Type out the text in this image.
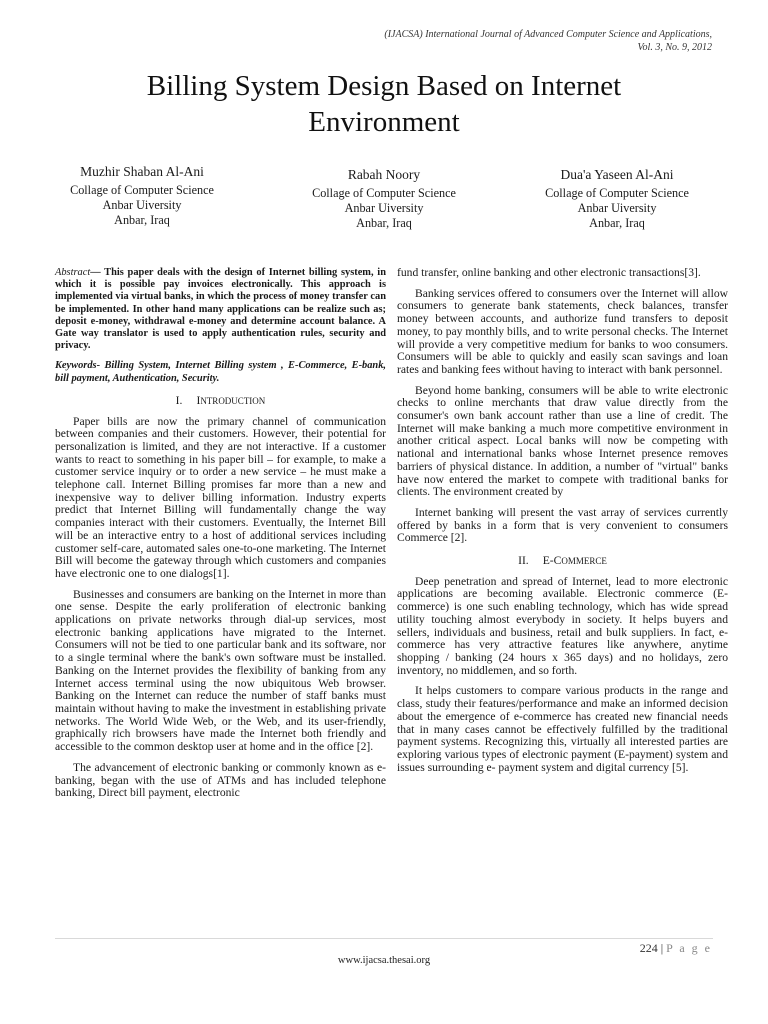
(IJACSA) International Journal of Advanced Computer Science and Applications,
Vol. 3, No. 9, 2012
Billing System Design Based on Internet
Environment
Muzhir Shaban Al-Ani
Collage of Computer Science
Anbar Uiversity
Anbar, Iraq
Rabah Noory
Collage of Computer Science
Anbar Uiversity
Anbar, Iraq
Dua'a Yaseen Al-Ani
Collage of Computer Science
Anbar Uiversity
Anbar, Iraq

Abstract— This paper deals with the design of Internet billing system, in which it is possible pay invoices electronically. This approach is implemented via virtual banks, in which the process of money transfer can be implemented. In other hand many applications can be realize such as; deposit e-money, withdrawal e-money and determine account balance. A Gate way translator is used to apply authentication rules, security and privacy.

Keywords- Billing System, Internet Billing system , E-Commerce, E-bank, bill payment, Authentication, Security.

I. INTRODUCTION

Paper bills are now the primary channel of communication between companies and their customers. However, their potential for personalization is limited, and they are not interactive. If a customer wants to react to something in his paper bill – for example, to make a customer service inquiry or to order a new service – he must make a telephone call. Internet Billing promises far more than a new and inexpensive way to deliver billing information. Industry experts predict that Internet Billing will fundamentally change the way companies interact with their customers. Eventually, the Internet Bill will be an interactive entry to a host of additional services including customer self-care, automated sales one-to-one marketing. The Internet Bill will become the gateway through which customers and companies have electronic one to one dialogs[1].

Businesses and consumers are banking on the Internet in more than one sense. Despite the early proliferation of electronic banking applications on private networks through dial-up services, most electronic banking applications have migrated to the Internet. Consumers will not be tied to one particular bank and its software, nor to a single terminal where the bank's own software must be installed. Banking on the Internet provides the flexibility of banking from any Internet access terminal using the now ubiquitous Web browser. Banking on the Internet can reduce the number of staff banks must maintain without having to make the investment in establishing private networks. The World Wide Web, or the Web, and its user-friendly, graphically rich browsers have made the Internet both friendly and accessible to the common desktop user at home and in the office [2].

The advancement of electronic banking or commonly known as e-banking, began with the use of ATMs and has included telephone banking, Direct bill payment, electronic

fund transfer, online banking and other electronic transactions[3].

Banking services offered to consumers over the Internet will allow consumers to generate bank statements, check balances, transfer money between accounts, and authorize fund transfers to deposit money, to pay monthly bills, and to write personal checks. The Internet will provide a very competitive medium for banks to woo consumers. Consumers will be able to quickly and easily scan savings and loan rates and banking fees without having to interact with bank personnel.

Beyond home banking, consumers will be able to write electronic checks to online merchants that draw value directly from the consumer's own bank account rather than use a line of credit. The Internet will make banking a much more competitive environment in another critical aspect. Local banks will now be competing with national and international banks whose Internet presence removes barriers of physical distance. In addition, a number of "virtual" banks have now entered the market to compete with traditional banks for clients. The environment created by

Internet banking will present the vast array of services currently offered by banks in a form that is very convenient to consumers Commerce [2].

II. E-COMMERCE

Deep penetration and spread of Internet, lead to more electronic applications are becoming available. Electronic commerce (E-commerce) is one such enabling technology, which has wide spread utility touching almost everybody in society. It helps buyers and sellers, individuals and business, retail and bulk suppliers. In fact, e-commerce has very attractive features like anywhere, anytime shopping / banking (24 hours x 365 days) and no holidays, zero inventory, no middlemen, and so forth.

It helps customers to compare various products in the range and class, study their features/performance and make an informed decision about the emergence of e-commerce has created new financial needs that in many cases cannot be effectively fulfilled by the traditional payment systems. Recognizing this, virtually all interested parties are exploring various types of electronic payment (E-payment) system and issues surrounding e- payment system and digital currency [5].

224 | P a g e
www.ijacsa.thesai.org
